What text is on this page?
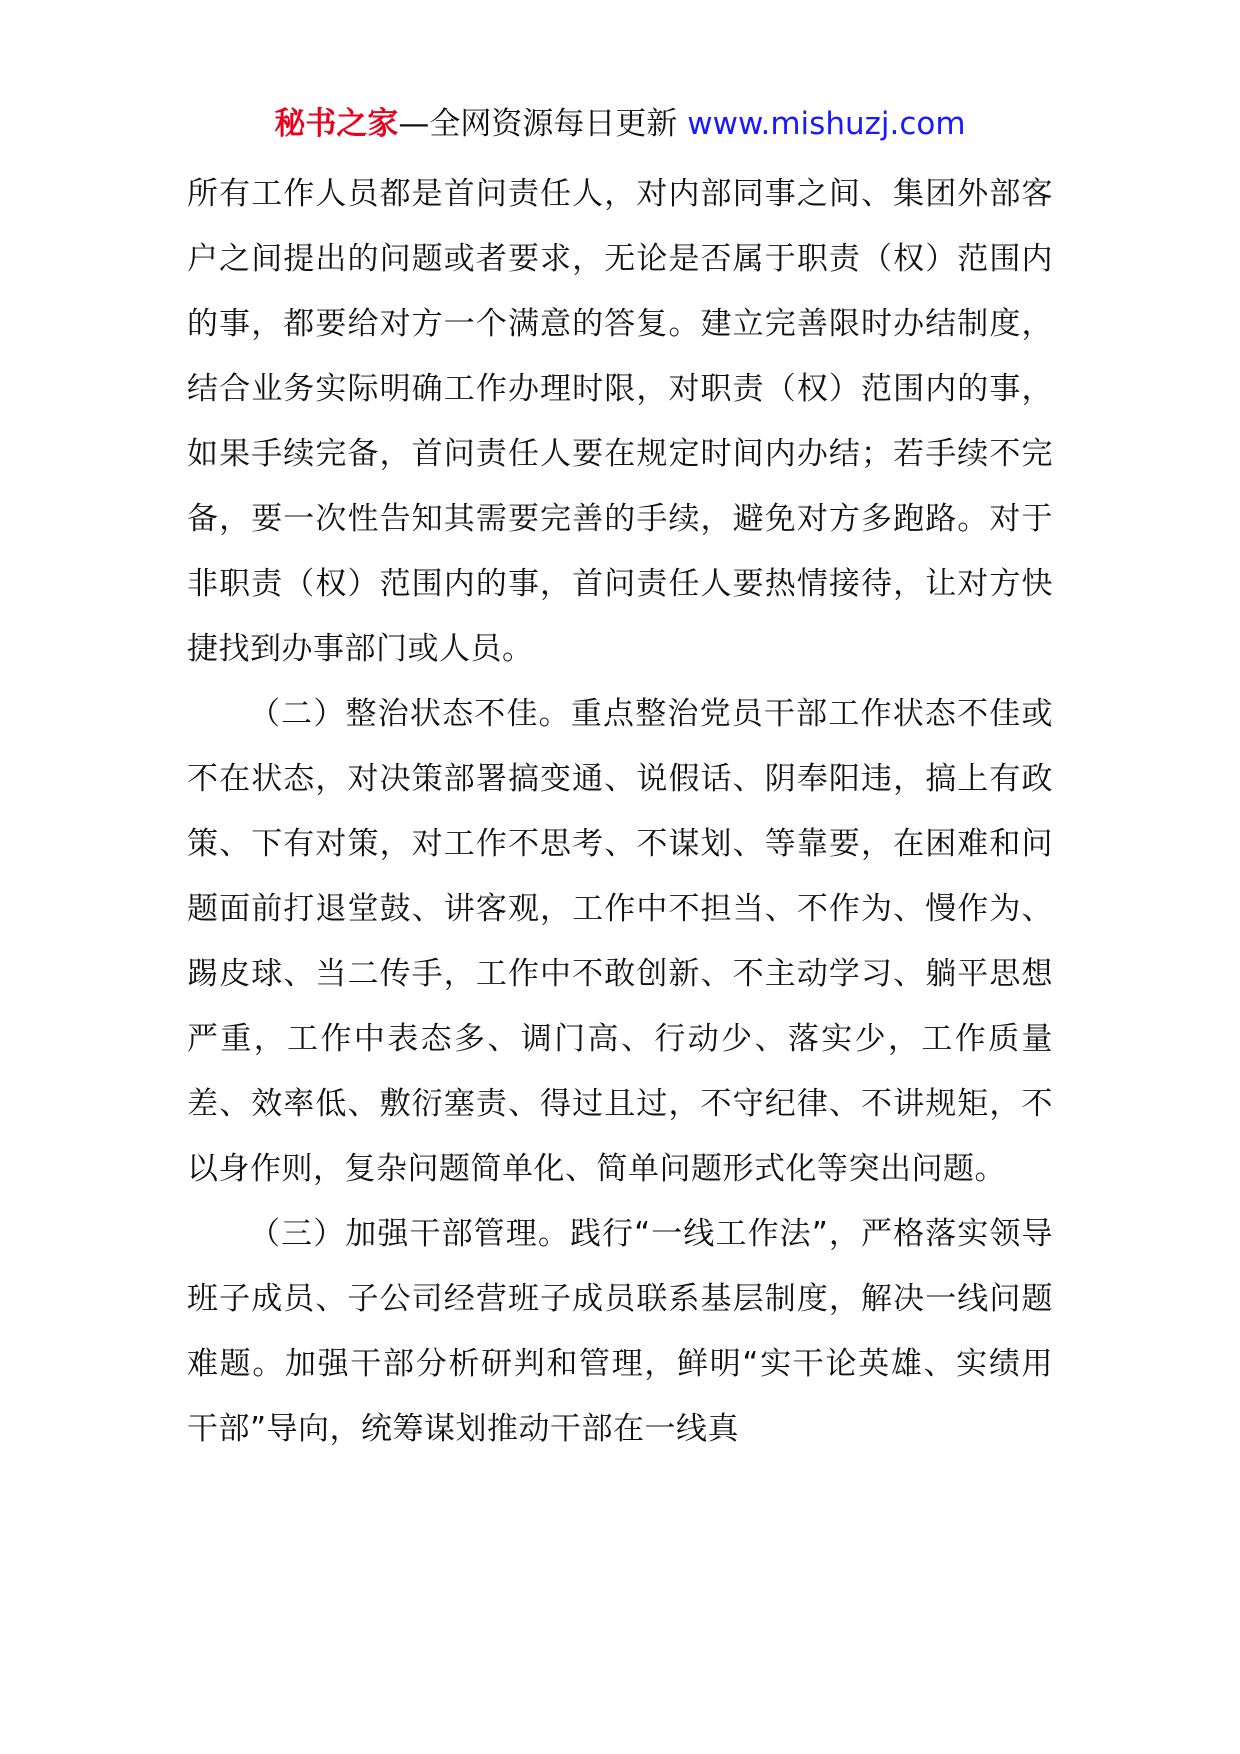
秘书之家—全网资源每日更新 www.mishuzj.com

所有工作人员都是首问责任人，对内部同事之间、集团外部客户之间提出的问题或者要求，无论是否属于职责（权）范围内的事，都要给对方一个满意的答复。建立完善限时办结制度，结合业务实际明确工作办理时限，对职责（权）范围内的事，如果手续完备，首问责任人要在规定时间内办结；若手续不完备，要一次性告知其需要完善的手续，避免对方多跑路。对于非职责（权）范围内的事，首问责任人要热情接待，让对方快捷找到办事部门或人员。

（二）整治状态不佳。重点整治党员干部工作状态不佳或不在状态，对决策部署搞变通、说假话、阴奉阳违，搞上有政策、下有对策，对工作不思考、不谋划、等靠要，在困难和问题面前打退堂鼓、讲客观，工作中不担当、不作为、慢作为、踢皮球、当二传手，工作中不敢创新、不主动学习、躺平思想严重，工作中表态多、调门高、行动少、落实少，工作质量差、效率低、敷衍塞责、得过且过，不守纪律、不讲规矩，不以身作则，复杂问题简单化、简单问题形式化等突出问题。

（三）加强干部管理。践行“一线工作法”，严格落实领导班子成员、子公司经营班子成员联系基层制度，解决一线问题难题。加强干部分析研判和管理，鲜明“实干论英雄、实绩用干部”导向，统筹谋划推动干部在一线真
